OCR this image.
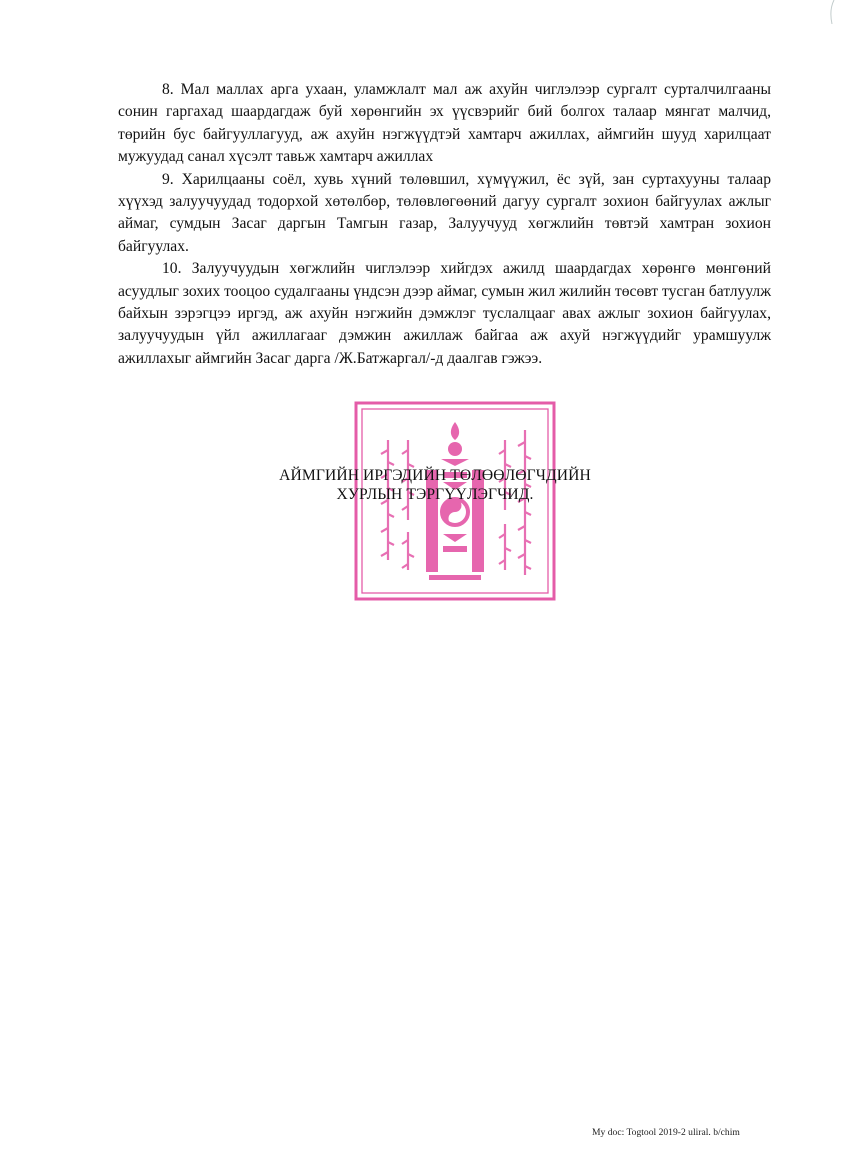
8. Мал маллах арга ухаан, уламжлалт мал аж ахуйн чиглэлээр сургалт сурталчилгааны сонин гаргахад шаардагдаж буй хөрөнгийн эх үүсвэрийг бий болгох талаар мянгат малчид, төрийн бус байгууллагууд, аж ахуйн нэгжүүдтэй хамтарч ажиллах, аймгийн шууд харилцаат мужуудад санал хүсэлт тавьж хамтарч ажиллах

9. Харилцааны соёл, хувь хүний төлөвшил, хүмүүжил, ёс зүй, зан суртахууны талаар хүүхэд залуучуудад тодорхой хөтөлбөр, төлөвлөгөөний дагуу сургалт зохион байгуулах ажлыг аймаг, сумдын Засаг даргын Тамгын газар, Залуучууд хөгжлийн төвтэй хамтран зохион байгуулах.

10. Залуучуудын хөгжлийн чиглэлээр хийгдэх ажилд шаардагдах хөрөнгө мөнгөний асуудлыг зохих тооцоо судалгааны үндсэн дээр аймаг, сумын жил жилийн төсөвт тусган батлуулж байхын зэрэгцээ иргэд, аж ахуйн нэгжийн дэмжлэг туслалцааг авах ажлыг зохион байгуулах, залуучуудын үйл ажиллагааг дэмжин ажиллаж байгаа аж ахуй нэгжүүдийг урамшуулж ажиллахыг аймгийн Засаг дарга /Ж.Батжаргал/-д даалгав гэжээ.

АЙМГИЙН ИРГЭДИЙН ТӨЛӨӨЛӨГЧДИЙН
ХУРЛЫН ТЭРГҮҮЛЭГЧИД.
My doc: Togtool 2019-2 uliral. b/chim
